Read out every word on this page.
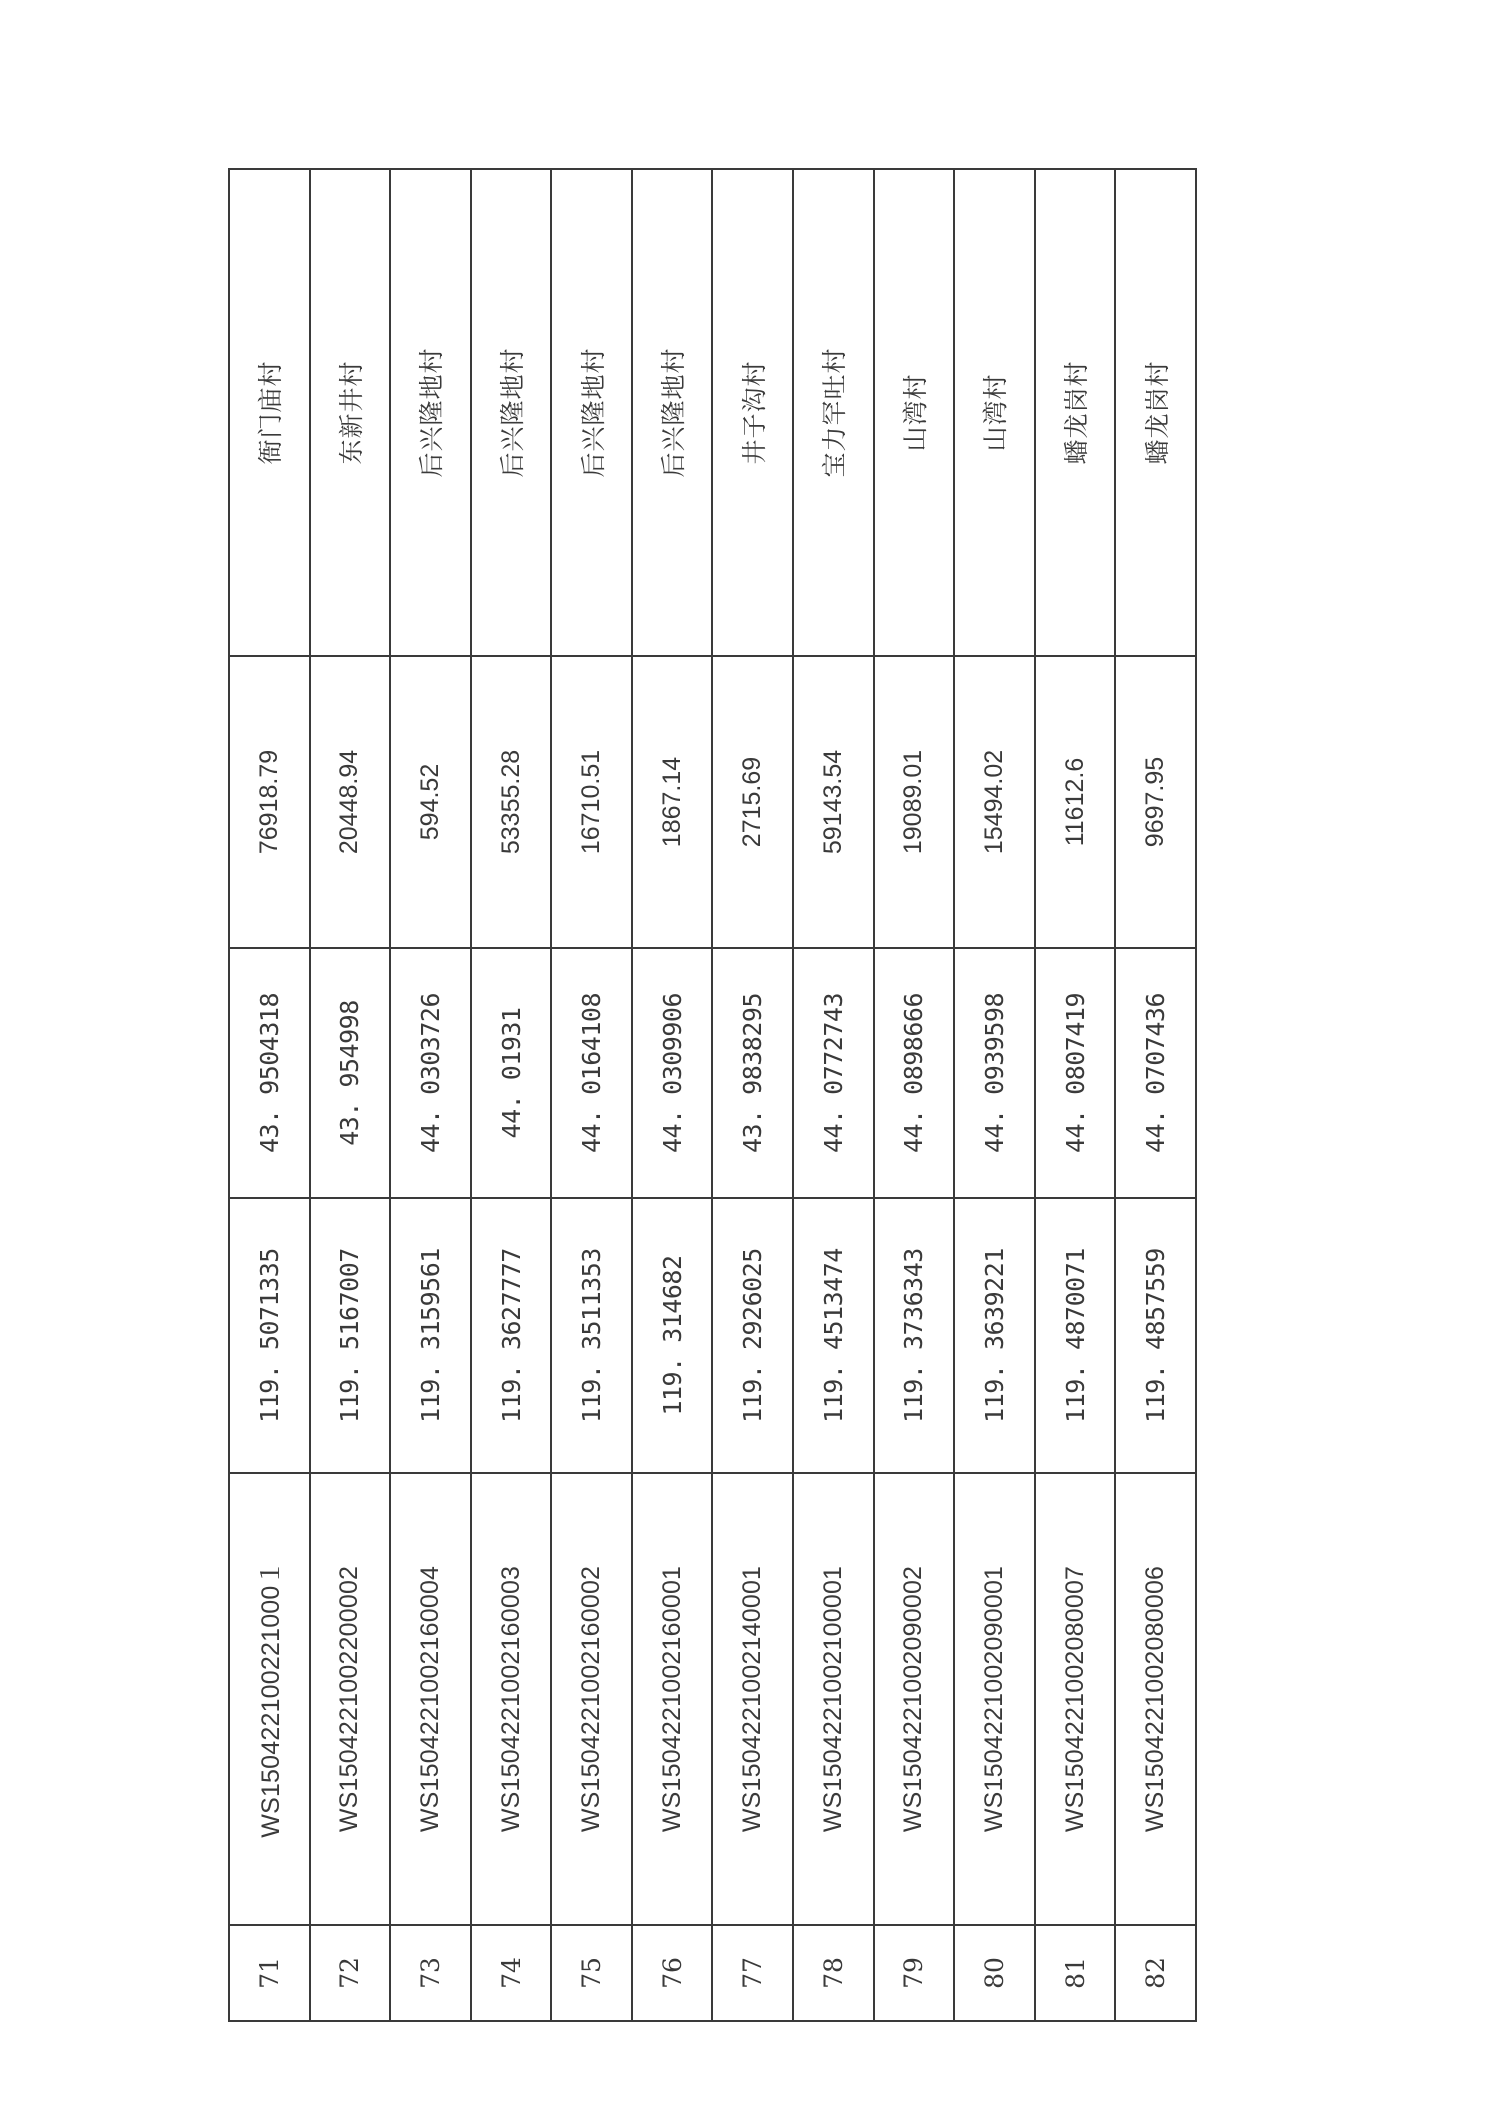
71	WS150422100221000１	119. 5071335	43. 9504318	76918.79	衙门庙村
72	WS1504221002200002	119. 5167007	43. 954998	20448.94	东新井村
73	WS1504221002160004	119. 3159561	44. 0303726	594.52	后兴隆地村
74	WS1504221002160003	119. 3627777	44. 01931	53355.28	后兴隆地村
75	WS1504221002160002	119. 3511353	44. 0164108	16710.51	后兴隆地村
76	WS1504221002160001	119. 314682	44. 0309906	1867.14	后兴隆地村
77	WS1504221002140001	119. 2926025	43. 9838295	2715.69	井子沟村
78	WS1504221002100001	119. 4513474	44. 0772743	59143.54	宝力罕吐村
79	WS1504221002090002	119. 3736343	44. 0898666	19089.01	山湾村
80	WS1504221002090001	119. 3639221	44. 0939598	15494.02	山湾村
81	WS1504221002080007	119. 4870071	44. 0807419	11612.6	蟠龙岗村
82	WS1504221002080006	119. 4857559	44. 0707436	9697.95	蟠龙岗村
